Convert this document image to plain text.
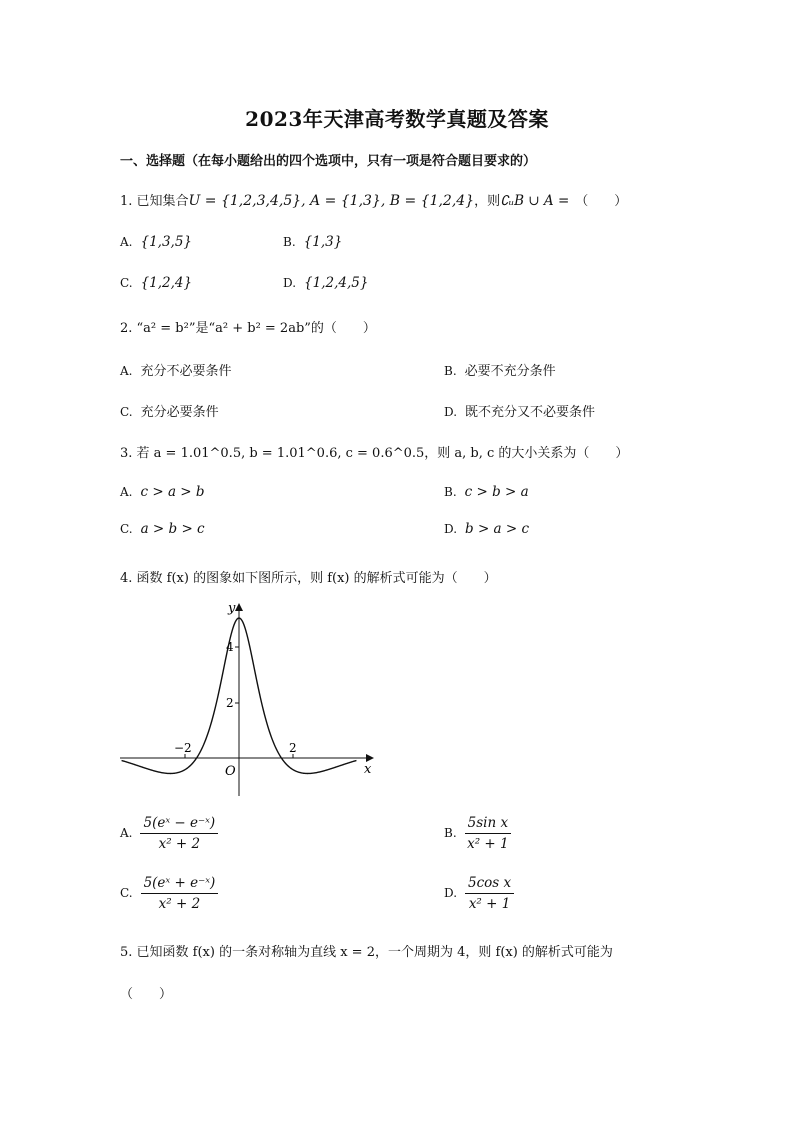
2023年天津高考数学真题及答案
一、选择题（在每小题给出的四个选项中，只有一项是符合题目要求的）
1. 已知集合U = {1,2,3,4,5}, A = {1,3}, B = {1,2,4}，则∁ᵤB ∪ A = （　　）
A. {1,3,5}	B. {1,3}
C. {1,2,4}	D. {1,2,4,5}
2. “a² = b²”是“a² + b² = 2ab”的（　　）
A. 充分不必要条件	B. 必要不充分条件
C. 充分必要条件	D. 既不充分又不必要条件
3. 若 a = 1.01^0.5, b = 1.01^0.6, c = 0.6^0.5，则 a, b, c 的大小关系为（　　）
A. c > a > b	B. c > b > a
C. a > b > c	D. b > a > c
4. 函数 f(x) 的图象如下图所示，则 f(x) 的解析式可能为（　　）
y
x
O
4
2
−2	2
A. $\frac{\text{5(eˣ − e⁻ˣ)}}{\text{x² + 2}}$	B. $\frac{\text{5sin x}}{\text{x² + 1}}$
C. $\frac{\text{5(eˣ + e⁻ˣ)}}{\text{x² + 2}}$	D. $\frac{\text{5cos x}}{\text{x² + 1}}$
5. 已知函数 f(x) 的一条对称轴为直线 x = 2，一个周期为 4，则 f(x) 的解析式可能为
（　　）
